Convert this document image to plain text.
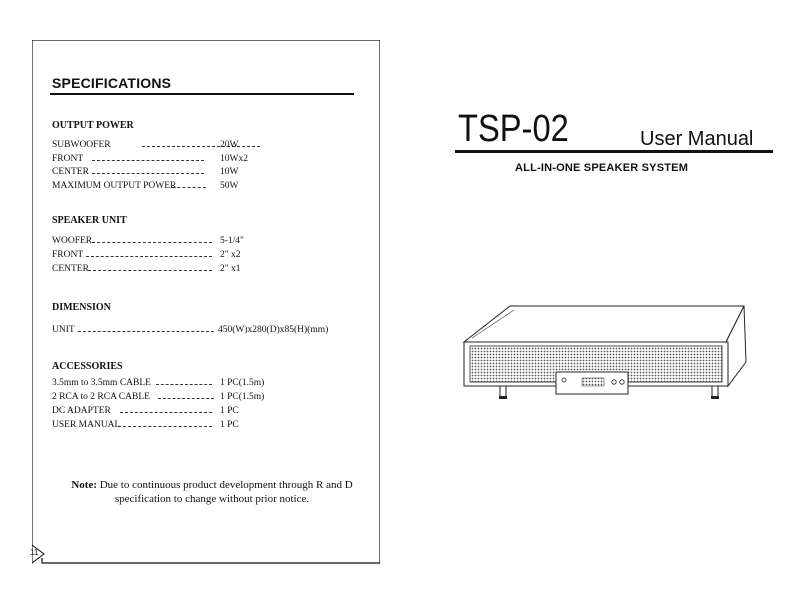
11
SPECIFICATIONS
OUTPUT POWER
SUBWOOFER	20W
FRONT	10Wx2
CENTER	10W
MAXIMUM OUTPUT POWER	50W
SPEAKER UNIT
WOOFER	5-1/4"
FRONT	2" x2
CENTER	2" x1
DIMENSION
UNIT	450(W)x280(D)x85(H)(mm)
ACCESSORIES
3.5mm to 3.5mm CABLE	1 PC(1.5m)
2 RCA to 2 RCA CABLE	1 PC(1.5m)
DC ADAPTER	1 PC
USER MANUAL	1 PC
Note: Due to continuous product development through R and D specification to change without prior notice.
TSP-02	User Manual
ALL-IN-ONE SPEAKER SYSTEM
